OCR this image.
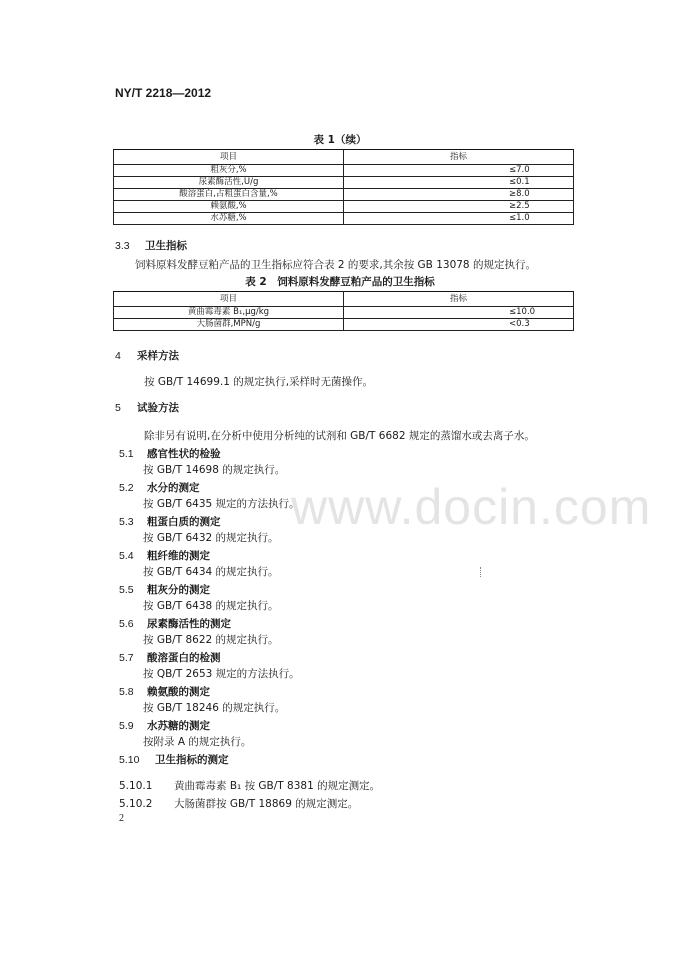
NY/T 2218—2012
表 1（续）
项目	指标
粗灰分,%	≤7.0
尿素酶活性,U/g	≤0.1
酸溶蛋白,占粗蛋白含量,%	≥8.0
赖氨酸,%	≥2.5
水苏糖,%	≤1.0
3.3 卫生指标
饲料原料发酵豆粕产品的卫生指标应符合表 2 的要求,其余按 GB 13078 的规定执行。
表 2　饲料原料发酵豆粕产品的卫生指标
项目	指标
黄曲霉毒素 B₁,μg/kg	≤10.0
大肠菌群,MPN/g	<0.3
4 采样方法
按 GB/T 14699.1 的规定执行,采样时无菌操作。
5 试验方法
除非另有说明,在分析中使用分析纯的试剂和 GB/T 6682 规定的蒸馏水或去离子水。
5.1 感官性状的检验
按 GB/T 14698 的规定执行。
5.2 水分的测定
按 GB/T 6435 规定的方法执行。
5.3 粗蛋白质的测定
按 GB/T 6432 的规定执行。
5.4 粗纤维的测定
按 GB/T 6434 的规定执行。
5.5 粗灰分的测定
按 GB/T 6438 的规定执行。
5.6 尿素酶活性的测定
按 GB/T 8622 的规定执行。
5.7 酸溶蛋白的检测
按 QB/T 2653 规定的方法执行。
5.8 赖氨酸的测定
按 GB/T 18246 的规定执行。
5.9 水苏糖的测定
按附录 A 的规定执行。
5.10 卫生指标的测定
5.10.1 黄曲霉毒素 B₁ 按 GB/T 8381 的规定测定。
5.10.2 大肠菌群按 GB/T 18869 的规定测定。
2
www.docin.com
